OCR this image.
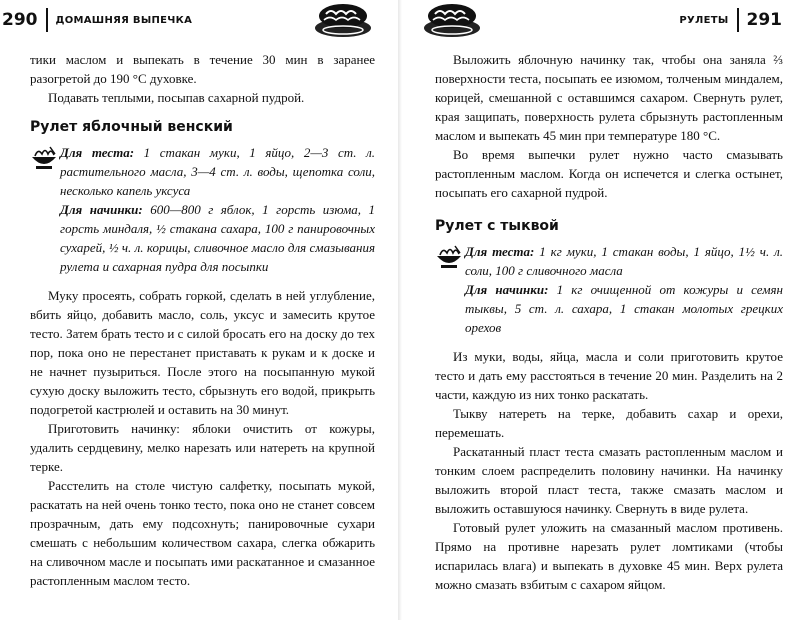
290 ДОМАШНЯЯ ВЫПЕЧКА

тики маслом и выпекать в течение 30 мин в заранее разогретой до 190 °С духовке.

Подавать теплыми, посыпав сахарной пудрой.

Рулет яблочный венский

Для теста: 1 стакан муки, 1 яйцо, 2—3 ст. л. растительного масла, 3—4 ст. л. воды, щепотка соли, несколько капель уксуса

Для начинки: 600—800 г яблок, 1 горсть изюма, 1 горсть миндаля, ½ стакана сахара, 100 г панировочных сухарей, ½ ч. л. корицы, сливочное масло для смазывания рулета и сахарная пудра для посыпки

Муку просеять, собрать горкой, сделать в ней углубление, вбить яйцо, добавить масло, соль, уксус и замесить крутое тесто. Затем брать тесто и с силой бросать его на доску до тех пор, пока оно не перестанет приставать к рукам и к доске и не начнет пузыриться. После этого на посыпанную мукой сухую доску выложить тесто, сбрызнуть его водой, прикрыть подогретой кастрюлей и оставить на 30 минут.

Приготовить начинку: яблоки очистить от кожуры, удалить сердцевину, мелко нарезать или натереть на крупной терке.

Расстелить на столе чистую салфетку, посыпать мукой, раскатать на ней очень тонко тесто, пока оно не станет совсем прозрачным, дать ему подсохнуть; панировочные сухари смешать с небольшим количеством сахара, слегка обжарить на сливочном масле и посыпать ими раскатанное и смазанное растопленным маслом тесто.

РУЛЕТЫ 291

Выложить яблочную начинку так, чтобы она заняла ⅔ поверхности теста, посыпать ее изюмом, толченым миндалем, корицей, смешанной с оставшимся сахаром. Свернуть рулет, края защипать, поверхность рулета сбрызнуть растопленным маслом и выпекать 45 мин при температуре 180 °С.

Во время выпечки рулет нужно часто смазывать растопленным маслом. Когда он испечется и слегка остынет, посыпать его сахарной пудрой.

Рулет с тыквой

Для теста: 1 кг муки, 1 стакан воды, 1 яйцо, 1½ ч. л. соли, 100 г сливочного масла

Для начинки: 1 кг очищенной от кожуры и семян тыквы, 5 ст. л. сахара, 1 стакан молотых грецких орехов

Из муки, воды, яйца, масла и соли приготовить крутое тесто и дать ему расстояться в течение 20 мин. Разделить на 2 части, каждую из них тонко раскатать.

Тыкву натереть на терке, добавить сахар и орехи, перемешать.

Раскатанный пласт теста смазать растопленным маслом и тонким слоем распределить половину начинки. На начинку выложить второй пласт теста, также смазать маслом и выложить оставшуюся начинку. Свернуть в виде рулета.

Готовый рулет уложить на смазанный маслом противень. Прямо на противне нарезать рулет ломтиками (чтобы испарилась влага) и выпекать в духовке 45 мин. Верх рулета можно смазать взбитым с сахаром яйцом.
